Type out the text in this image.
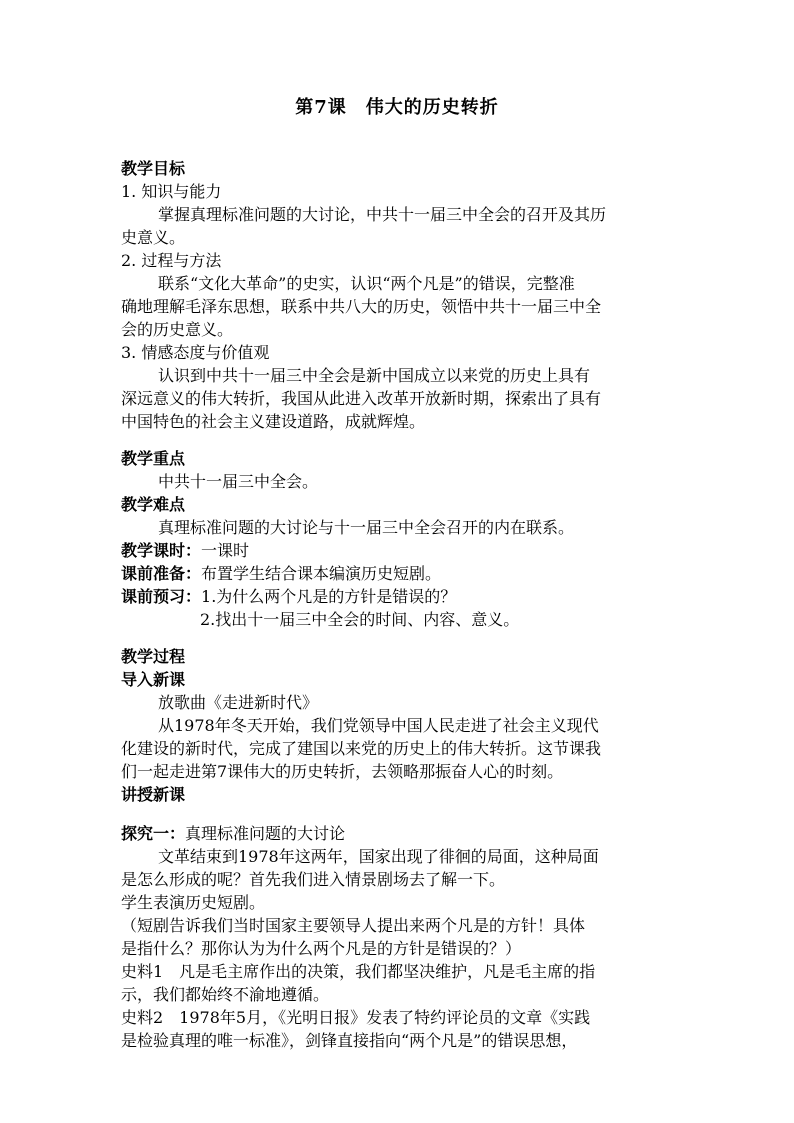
第7课　伟大的历史转折
教学目标
1. 知识与能力
掌握真理标准问题的大讨论，中共十一届三中全会的召开及其历
史意义。
2. 过程与方法
联系“文化大革命”的史实，认识“两个凡是”的错误，完整准
确地理解毛泽东思想，联系中共八大的历史，领悟中共十一届三中全
会的历史意义。
3. 情感态度与价值观
认识到中共十一届三中全会是新中国成立以来党的历史上具有
深远意义的伟大转折，我国从此进入改革开放新时期，探索出了具有
中国特色的社会主义建设道路，成就辉煌。
教学重点
中共十一届三中全会。
教学难点
真理标准问题的大讨论与十一届三中全会召开的内在联系。
教学课时：一课时
课前准备：布置学生结合课本编演历史短剧。
课前预习：1.为什么两个凡是的方针是错误的？
2.找出十一届三中全会的时间、内容、意义。
教学过程
导入新课
放歌曲《走进新时代》
从1978年冬天开始，我们党领导中国人民走进了社会主义现代
化建设的新时代，完成了建国以来党的历史上的伟大转折。这节课我
们一起走进第7课伟大的历史转折，去领略那振奋人心的时刻。
讲授新课
探究一：真理标准问题的大讨论
文革结束到1978年这两年，国家出现了徘徊的局面，这种局面
是怎么形成的呢？首先我们进入情景剧场去了解一下。
学生表演历史短剧。
（短剧告诉我们当时国家主要领导人提出来两个凡是的方针！具体
是指什么？那你认为为什么两个凡是的方针是错误的？）
史料1　凡是毛主席作出的决策，我们都坚决维护，凡是毛主席的指
示，我们都始终不渝地遵循。
史料2　1978年5月，《光明日报》发表了特约评论员的文章《实践
是检验真理的唯一标准》，剑锋直接指向“两个凡是”的错误思想，
